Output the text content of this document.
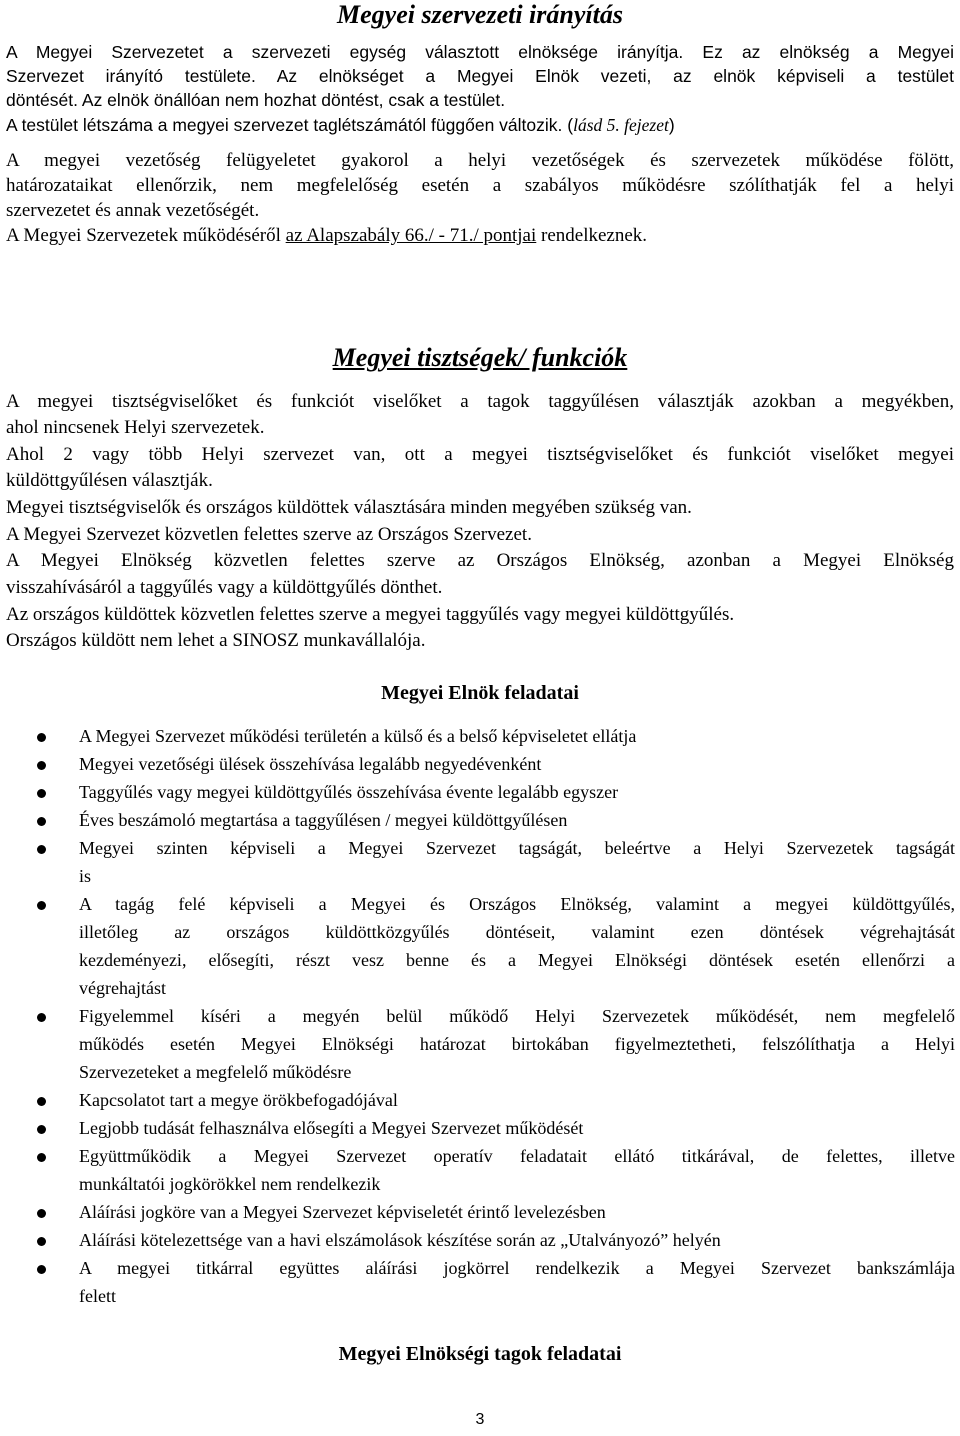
Megyei szervezeti irányítás
A Megyei Szervezetet a szervezeti egység választott elnöksége irányítja. Ez az elnökség a Megyei
Szervezet irányító testülete. Az elnökséget a Megyei Elnök vezeti, az elnök képviseli a testület
döntését. Az elnök önállóan nem hozhat döntést, csak a testület.
A testület létszáma a megyei szervezet taglétszámától függően változik. (lásd 5. fejezet)
A megyei vezetőség felügyeletet gyakorol a helyi vezetőségek és szervezetek működése fölött,
határozataikat ellenőrzik, nem megfelelőség esetén a szabályos működésre szólíthatják fel a helyi
szervezetet és annak vezetőségét.
A Megyei Szervezetek működéséről az Alapszabály 66./ - 71./ pontjai rendelkeznek.
Megyei tisztségek/ funkciók
A megyei tisztségviselőket és funkciót viselőket a tagok taggyűlésen választják azokban a megyékben,
ahol nincsenek Helyi szervezetek.
Ahol 2 vagy több Helyi szervezet van, ott a megyei tisztségviselőket és funkciót viselőket megyei
küldöttgyűlésen választják.
Megyei tisztségviselők és országos küldöttek választására minden megyében szükség van.
A Megyei Szervezet közvetlen felettes szerve az Országos Szervezet.
A Megyei Elnökség közvetlen felettes szerve az Országos Elnökség, azonban a Megyei Elnökség
visszahívásáról a taggyűlés vagy a küldöttgyűlés dönthet.
Az országos küldöttek közvetlen felettes szerve a megyei taggyűlés vagy megyei küldöttgyűlés.
Országos küldött nem lehet a SINOSZ munkavállalója.
Megyei Elnök feladatai
A Megyei Szervezet működési területén a külső és a belső képviseletet ellátja
Megyei vezetőségi ülések összehívása legalább negyedévenként
Taggyűlés vagy megyei küldöttgyűlés összehívása évente legalább egyszer
Éves beszámoló megtartása a taggyűlésen / megyei küldöttgyűlésen
Megyei szinten képviseli a Megyei Szervezet tagságát, beleértve a Helyi Szervezetek tagságát
is
A tagág felé képviseli a Megyei és Országos Elnökség, valamint a megyei küldöttgyűlés,
illetőleg az országos küldöttközgyűlés döntéseit, valamint ezen döntések végrehajtását
kezdeményezi, elősegíti, részt vesz benne és a Megyei Elnökségi döntések esetén ellenőrzi a
végrehajtást
Figyelemmel kíséri a megyén belül működő Helyi Szervezetek működését, nem megfelelő
működés esetén Megyei Elnökségi határozat birtokában figyelmeztetheti, felszólíthatja a Helyi
Szervezeteket a megfelelő működésre
Kapcsolatot tart a megye örökbefogadójával
Legjobb tudását felhasználva elősegíti a Megyei Szervezet működését
Együttműködik a Megyei Szervezet operatív feladatait ellátó titkárával, de felettes, illetve
munkáltatói jogkörökkel nem rendelkezik
Aláírási jogköre van a Megyei Szervezet képviseletét érintő levelezésben
Aláírási kötelezettsége van a havi elszámolások készítése során az „Utalványozó” helyén
A megyei titkárral együttes aláírási jogkörrel rendelkezik a Megyei Szervezet bankszámlája
felett
Megyei Elnökségi tagok feladatai
3
